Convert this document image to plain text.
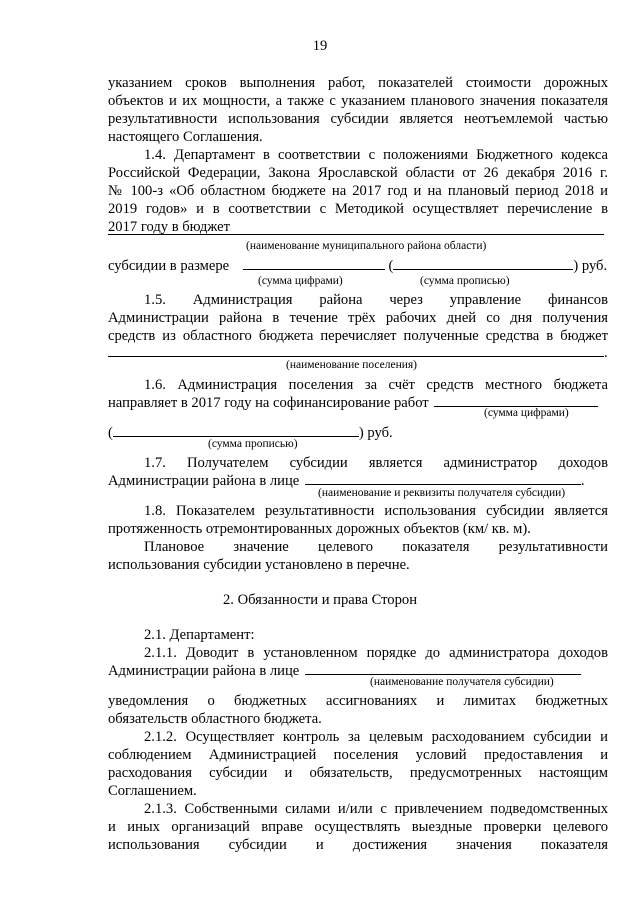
19
указанием сроков выполнения работ, показателей стоимости дорожных
объектов и их мощности, а также с указанием планового значения показателя
результативности использования субсидии является неотъемлемой частью
настоящего Соглашения.
1.4. Департамент в соответствии с положениями Бюджетного кодекса
Российской Федерации, Закона Ярославской области от 26 декабря 2016 г.
№ 100-з «Об областном бюджете на 2017 год и на плановый период 2018 и
2019 годов» и в соответствии с Методикой осуществляет перечисление в
2017 году в бюджет
(наименование муниципального района области)
субсидии в размере	(	) руб.
(сумма цифрами)	(сумма прописью)
1.5. Администрация района через управление финансов
Администрации района в течение трёх рабочих дней со дня получения
средств из областного бюджета перечисляет полученные средства в бюджет
.
(наименование поселения)
1.6. Администрация поселения за счёт средств местного бюджета
направляет в 2017 году на софинансирование работ
(сумма цифрами)
(	) руб.
(сумма прописью)
1.7. Получателем субсидии является администратор доходов
Администрации района в лице	.
(наименование и реквизиты получателя субсидии)
1.8. Показателем результативности использования субсидии является
протяженность отремонтированных дорожных объектов (км/ кв. м).
Плановое значение целевого показателя результативности
использования субсидии установлено в перечне.
2. Обязанности и права Сторон
2.1. Департамент:
2.1.1. Доводит в установленном порядке до администратора доходов
Администрации района в лице
(наименование получателя субсидии)
уведомления о бюджетных ассигнованиях и лимитах бюджетных
обязательств областного бюджета.
2.1.2. Осуществляет контроль за целевым расходованием субсидии и
соблюдением Администрацией поселения условий предоставления и
расходования субсидии и обязательств, предусмотренных настоящим
Соглашением.
2.1.3. Собственными силами и/или с привлечением подведомственных
и иных организаций вправе осуществлять выездные проверки целевого
использования субсидии и достижения значения показателя
